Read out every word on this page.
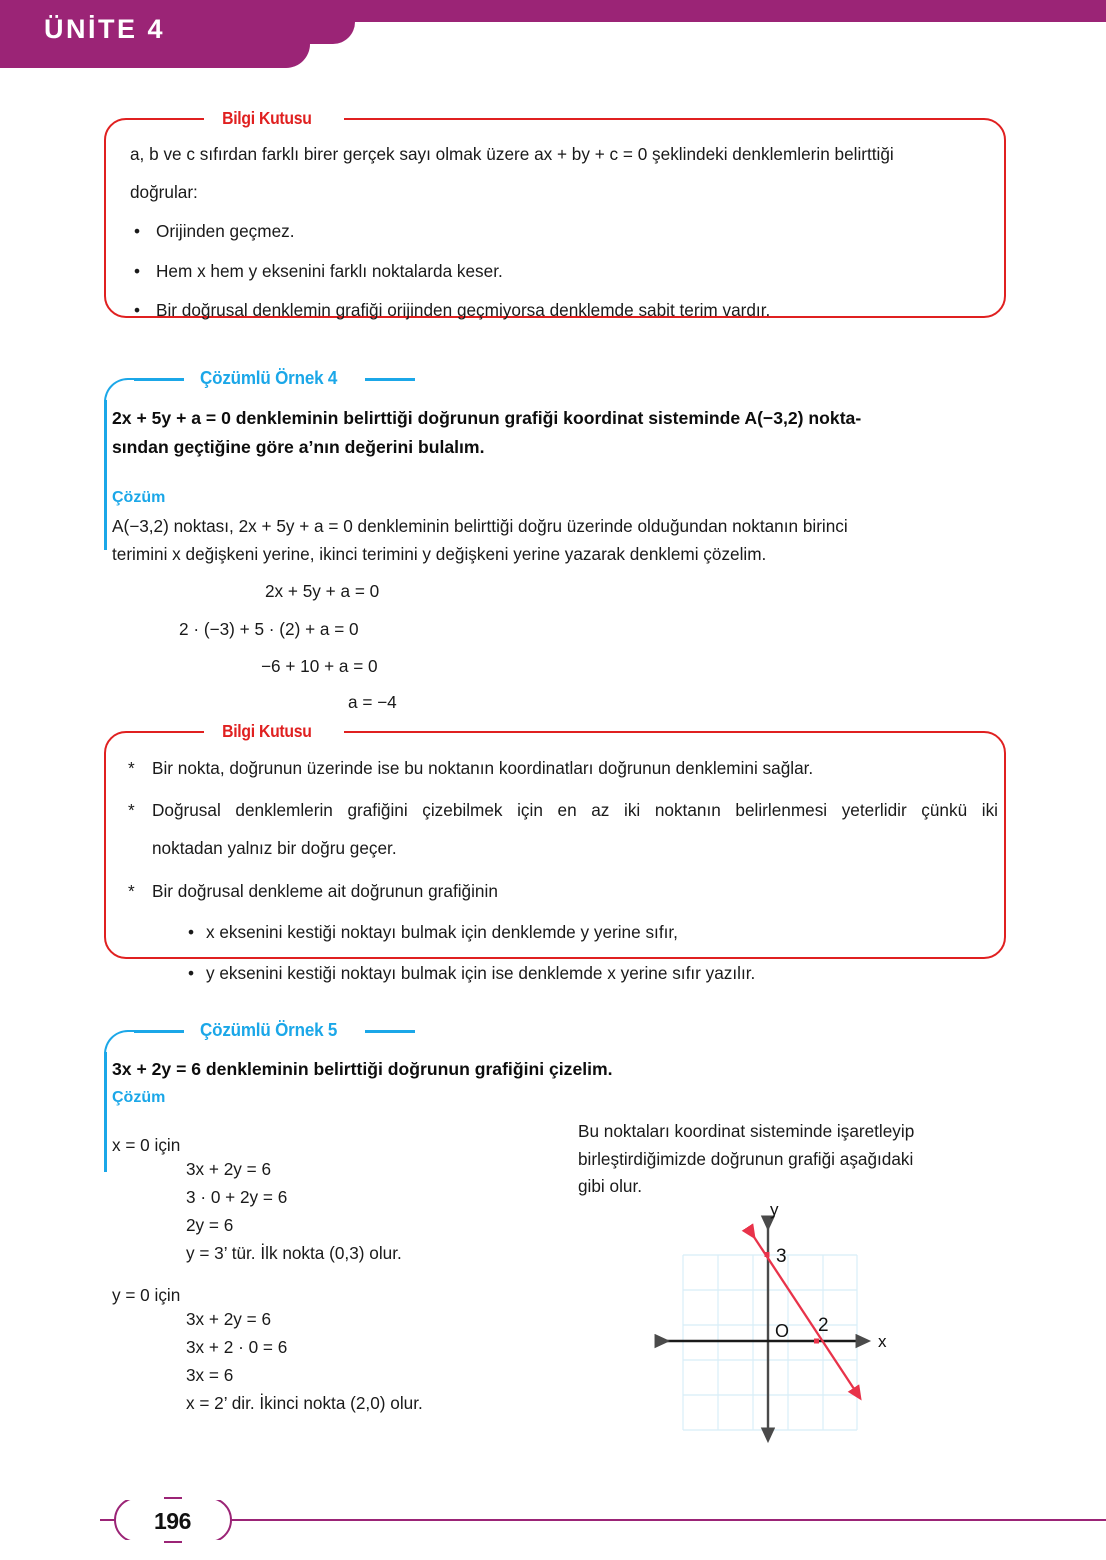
ÜNİTE 4
Bilgi Kutusu
a, b ve c sıfırdan farklı birer gerçek sayı olmak üzere ax + by + c = 0 şeklindeki denklemlerin belirttiği
doğrular:
• Orijinden geçmez.
• Hem x hem y eksenini farklı noktalarda keser.
• Bir doğrusal denklemin grafiği orijinden geçmiyorsa denklemde sabit terim vardır.
Çözümlü Örnek 4
2x + 5y + a = 0 denkleminin belirttiği doğrunun grafiği koordinat sisteminde A(−3,2) nokta-
sından geçtiğine göre a’nın değerini bulalım.
Çözüm
A(−3,2) noktası, 2x + 5y + a = 0 denkleminin belirttiği doğru üzerinde olduğundan noktanın birinci
terimini x değişkeni yerine, ikinci terimini y değişkeni yerine yazarak denklemi çözelim.
2x + 5y + a = 0
2 · (−3) + 5 · (2) + a = 0
−6 + 10 + a = 0
a = −4
Bilgi Kutusu
* Bir nokta, doğrunun üzerinde ise bu noktanın koordinatları doğrunun denklemini sağlar.
* Doğrusal denklemlerin grafiğini çizebilmek için en az iki noktanın belirlenmesi yeterlidir çünkü iki
noktadan yalnız bir doğru geçer.
* Bir doğrusal denkleme ait doğrunun grafiğinin
• x eksenini kestiği noktayı bulmak için denklemde y yerine sıfır,
• y eksenini kestiği noktayı bulmak için ise denklemde x yerine sıfır yazılır.
Çözümlü Örnek 5
3x + 2y = 6 denkleminin belirttiği doğrunun grafiğini çizelim.
Çözüm
x = 0 için
3x + 2y = 6
3 · 0 + 2y = 6
2y = 6
y = 3’ tür. İlk nokta (0,3) olur.
y = 0 için
3x + 2y = 6
3x + 2 · 0 = 6
3x = 6
x = 2’ dir. İkinci nokta (2,0) olur.
Bu noktaları koordinat sisteminde işaretleyip
birleştirdiğimizde doğrunun grafiği aşağıdaki
gibi olur.
y
x
O
3
2
196
